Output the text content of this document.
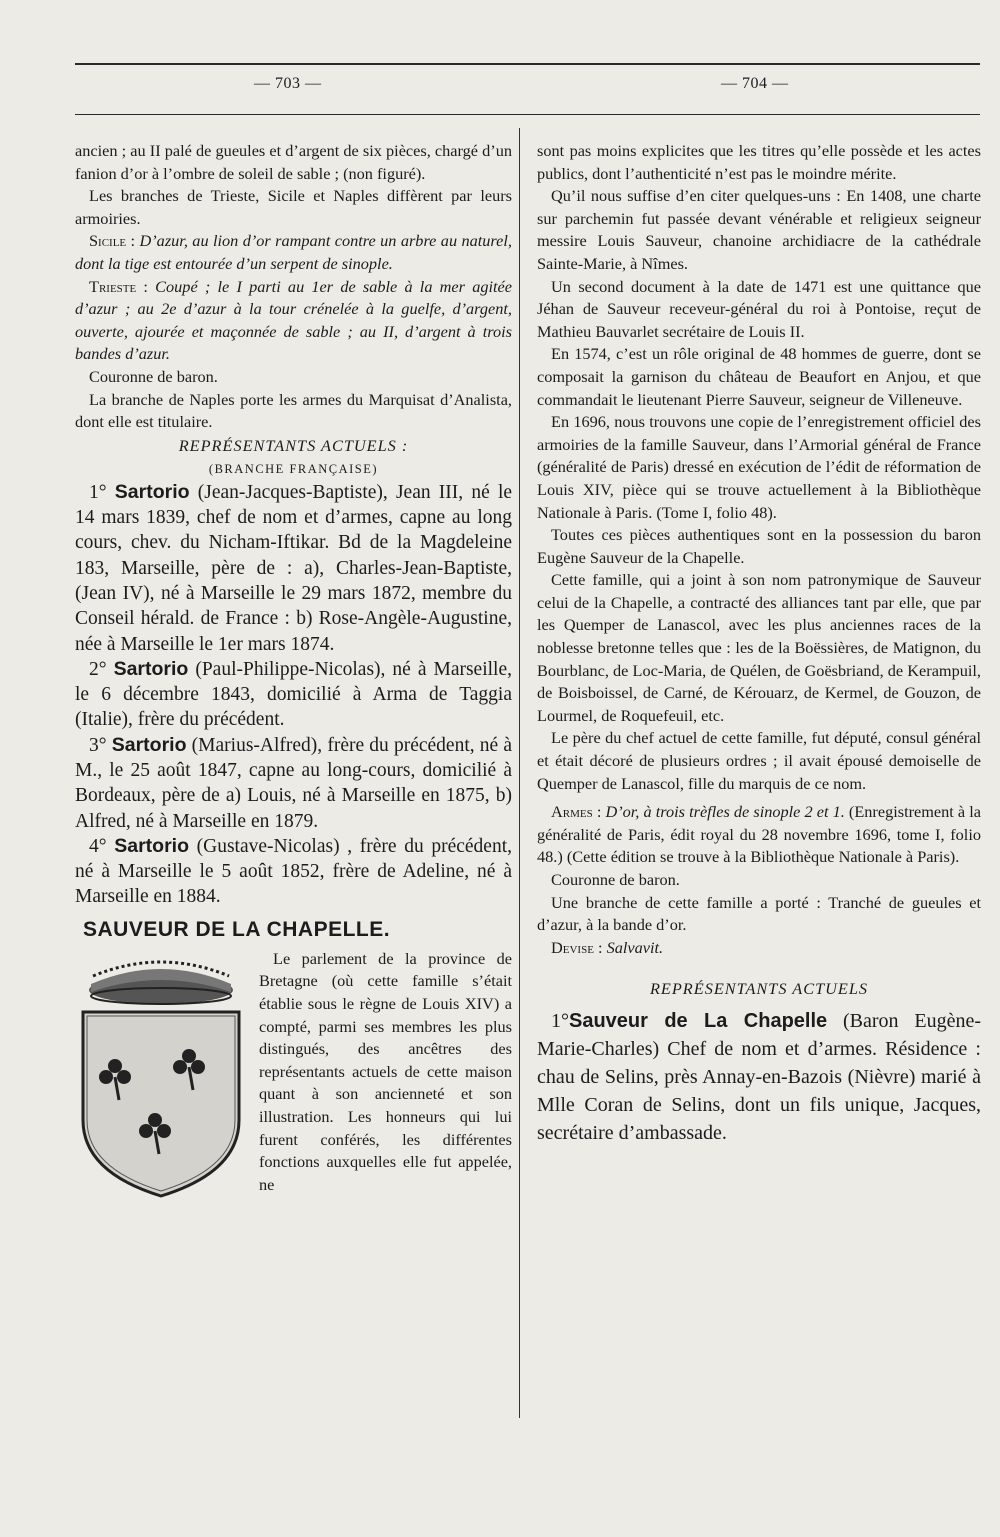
— 703 —	— 704 —

ancien ; au II palé de gueules et d’argent de six pièces, chargé d’un fanion d’or à l’ombre de soleil de sable ; (non figuré).

Les branches de Trieste, Sicile et Naples diffèrent par leurs armoiries.

Sicile : D’azur, au lion d’or rampant contre un arbre au naturel, dont la tige est entourée d’un serpent de sinople.

Trieste : Coupé ; le I parti au 1er de sable à la mer agitée d’azur ; au 2e d’azur à la tour crénelée à la guelfe, d’argent, ouverte, ajourée et maçonnée de sable ; au II, d’argent à trois bandes d’azur.

Couronne de baron.

La branche de Naples porte les armes du Marquisat d’Analista, dont elle est titulaire.

REPRÉSENTANTS ACTUELS :

(BRANCHE FRANÇAISE)

1° Sartorio (Jean-Jacques-Baptiste), Jean III, né le 14 mars 1839, chef de nom et d’armes, capne au long cours, chev. du Nicham-Iftikar. Bd de la Magdeleine 183, Marseille, père de : a), Charles-Jean-Baptiste, (Jean IV), né à Marseille le 29 mars 1872, membre du Conseil hérald. de France : b) Rose-Angèle-Augustine, née à Marseille le 1er mars 1874.

2° Sartorio (Paul-Philippe-Nicolas), né à Marseille, le 6 décembre 1843, domicilié à Arma de Taggia (Italie), frère du précédent.

3° Sartorio (Marius-Alfred), frère du précédent, né à M., le 25 août 1847, capne au long-cours, domicilié à Bordeaux, père de a) Louis, né à Marseille en 1875, b) Alfred, né à Marseille en 1879.

4° Sartorio (Gustave-Nicolas) , frère du précédent, né à Marseille le 5 août 1852, frère de Adeline, né à Marseille en 1884.

SAUVEUR DE LA CHAPELLE.

Le parlement de la province de Bretagne (où cette famille s’était établie sous le règne de Louis XIV) a compté, parmi ses membres les plus distingués, des ancêtres des représentants actuels de cette maison quant à son ancienneté et son illustration. Les honneurs qui lui furent conférés, les différentes fonctions auxquelles elle fut appelée, ne

sont pas moins explicites que les titres qu’elle possède et les actes publics, dont l’authenticité n’est pas le moindre mérite.

Qu’il nous suffise d’en citer quelques-uns : En 1408, une charte sur parchemin fut passée devant vénérable et religieux seigneur messire Louis Sauveur, chanoine archidiacre de la cathédrale Sainte-Marie, à Nîmes.

Un second document à la date de 1471 est une quittance que Jéhan de Sauveur receveur-général du roi à Pontoise, reçut de Mathieu Bauvarlet secrétaire de Louis II.

En 1574, c’est un rôle original de 48 hommes de guerre, dont se composait la garnison du château de Beaufort en Anjou, et que commandait le lieutenant Pierre Sauveur, seigneur de Villeneuve.

En 1696, nous trouvons une copie de l’enregistrement officiel des armoiries de la famille Sauveur, dans l’Armorial général de France (généralité de Paris) dressé en exécution de l’édit de réformation de Louis XIV, pièce qui se trouve actuellement à la Bibliothèque Nationale à Paris. (Tome I, folio 48).

Toutes ces pièces authentiques sont en la possession du baron Eugène Sauveur de la Chapelle.

Cette famille, qui a joint à son nom patronymique de Sauveur celui de la Chapelle, a contracté des alliances tant par elle, que par les Quemper de Lanascol, avec les plus anciennes races de la noblesse bretonne telles que : les de la Boëssières, de Matignon, du Bourblanc, de Loc-Maria, de Quélen, de Goësbriand, de Kerampuil, de Boisboissel, de Carné, de Kérouarz, de Kermel, de Gouzon, de Lourmel, de Roquefeuil, etc.

Le père du chef actuel de cette famille, fut député, consul général et était décoré de plusieurs ordres ; il avait épousé demoiselle de Quemper de Lanascol, fille du marquis de ce nom.

Armes : D’or, à trois trèfles de sinople 2 et 1. (Enregistrement à la généralité de Paris, édit royal du 28 novembre 1696, tome I, folio 48.) (Cette édition se trouve à la Bibliothèque Nationale à Paris).

Couronne de baron.

Une branche de cette famille a porté : Tranché de gueules et d’azur, à la bande d’or.

Devise : Salvavit.

REPRÉSENTANTS ACTUELS

1°Sauveur de La Chapelle (Baron Eugène-Marie-Charles) Chef de nom et d’armes. Résidence : chau de Selins, près Annay-en-Bazois (Nièvre) marié à Mlle Coran de Selins, dont un fils unique, Jacques, secrétaire d’ambassade.
